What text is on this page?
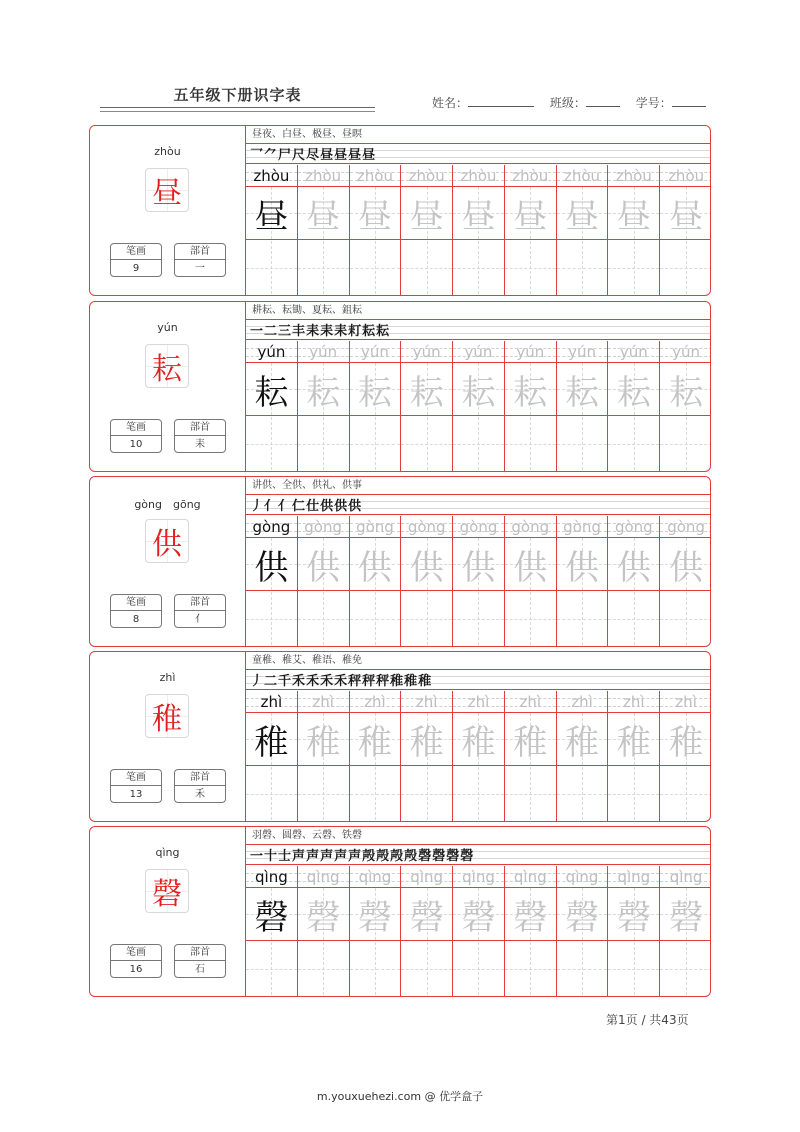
五年级下册识字表	姓名：	班级：	学号：
zhòu
昼
笔画
9
部首
一
昼夜、白昼、极昼、昼暝
乛⺈尸尺尽昼昼昼昼
zhòu
昼
zhòu
昼
zhòu
昼
zhòu
昼
zhòu
昼
zhòu
昼
zhòu
昼
zhòu
昼
zhòu
昼
yún
耘
笔画
10
部首
耒
耕耘、耘锄、夏耘、鉏耘
一二三丰耒耒耒耓耘耘
yún
耘
yún
耘
yún
耘
yún
耘
yún
耘
yún
耘
yún
耘
yún
耘
yún
耘
gòng　gōng
供
笔画
8
部首
亻
讲供、全供、供礼、供事
丿亻亻仁仕供供供
gòng
供
gòng
供
gòng
供
gòng
供
gòng
供
gòng
供
gòng
供
gòng
供
gòng
供
zhì
稚
笔画
13
部首
禾
童稚、稚艾、稚语、稚免
丿二千禾禾禾禾秤秤秤稚稚稚
zhì
稚
zhì
稚
zhì
稚
zhì
稚
zhì
稚
zhì
稚
zhì
稚
zhì
稚
zhì
稚
qìng
磬
笔画
16
部首
石
羽磬、圆磬、云磬、铁磬
一十士声声声声声殸殸殸殸磬磬磬磬
qìng
磬
qìng
磬
qìng
磬
qìng
磬
qìng
磬
qìng
磬
qìng
磬
qìng
磬
qìng
磬
第1页 / 共43页
m.youxuehezi.com @ 优学盒子
